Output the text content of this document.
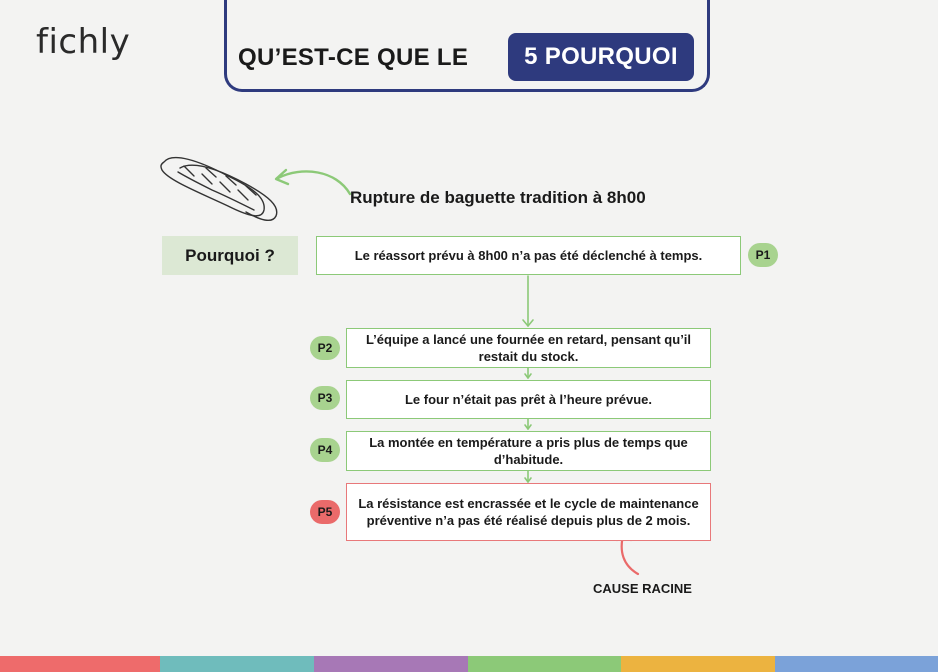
fichly	QU’EST-CE QUE LE	5 POURQUOI
Rupture de baguette tradition à 8h00
Pourquoi ?	Le réassort prévu à 8h00 n’a pas été déclenché à temps.	P1
L’équipe a lancé une fournée en retard, pensant qu’il restait du stock.
P2
Le four n’était pas prêt à l’heure prévue.
P3
La montée en température a pris plus de temps que d’habitude.
P4
La résistance est encrassée et le cycle de maintenance préventive n’a pas été réalisé depuis plus de 2 mois.
P5
CAUSE RACINE
